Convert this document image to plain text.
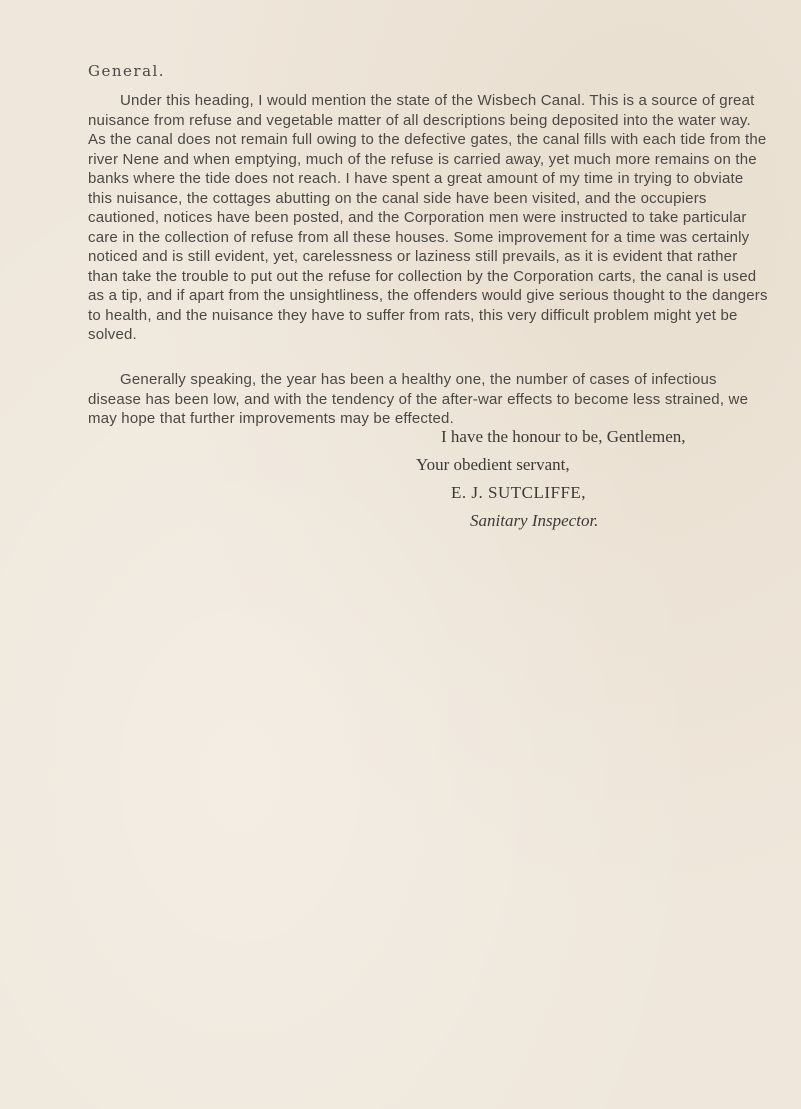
General.

Under this heading, I would mention the state of the Wisbech Canal. This is a source of great nuisance from refuse and vegetable matter of all descriptions being deposited into the water way. As the canal does not remain full owing to the defective gates, the canal fills with each tide from the river Nene and when emptying, much of the refuse is carried away, yet much more remains on the banks where the tide does not reach. I have spent a great amount of my time in trying to obviate this nuisance, the cottages abutting on the canal side have been visited, and the occupiers cautioned, notices have been posted, and the Corporation men were instructed to take particular care in the collection of refuse from all these houses. Some improvement for a time was certainly noticed and is still evident, yet, carelessness or laziness still prevails, as it is evident that rather than take the trouble to put out the refuse for collection by the Corporation carts, the canal is used as a tip, and if apart from the unsightliness, the offenders would give serious thought to the dangers to health, and the nuisance they have to suffer from rats, this very difficult problem might yet be solved.

Generally speaking, the year has been a healthy one, the number of cases of infectious disease has been low, and with the tendency of the after-war effects to become less strained, we may hope that further improvements may be effected.

I have the honour to be, Gentlemen,

Your obedient servant,

E. J. SUTCLIFFE,

Sanitary Inspector.
